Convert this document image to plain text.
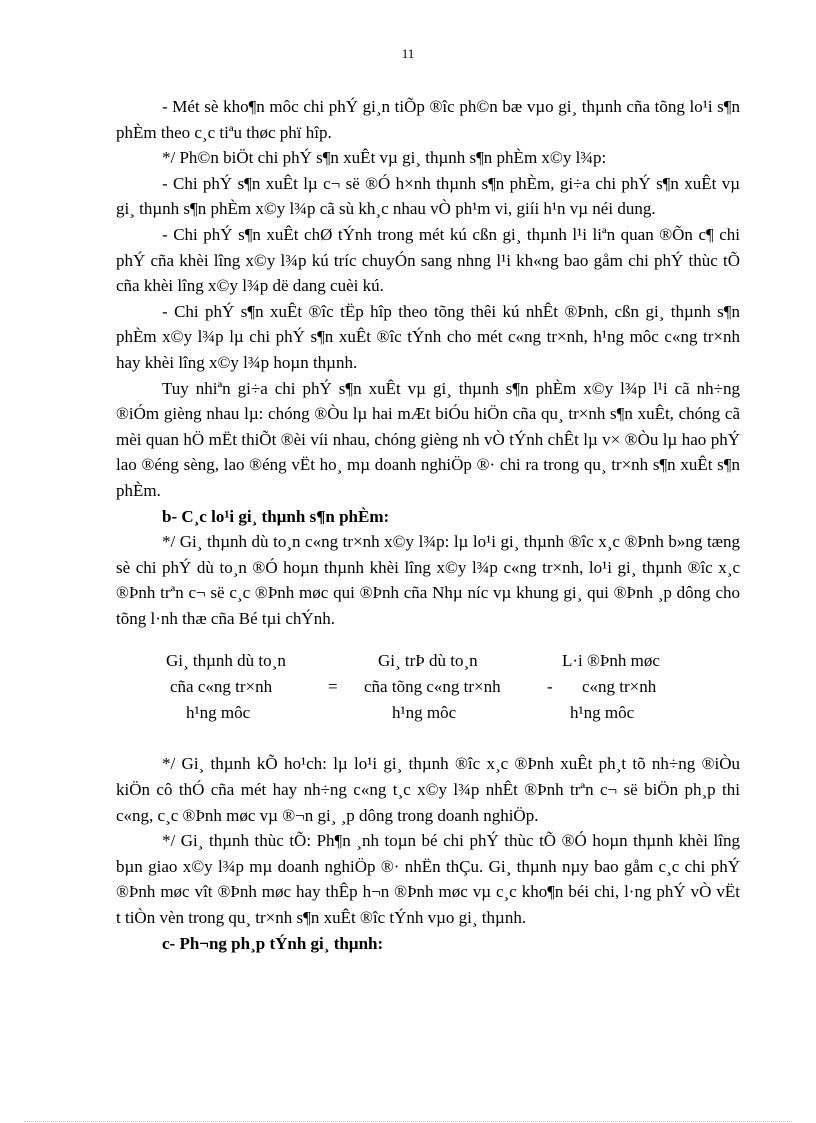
11

- Mét sè kho¶n môc chi phÝ gi¸n tiÕp ®îc ph©n bæ vµo gi¸ thµnh cña tõng lo¹i s¶n phÈm theo c¸c tiªu thøc phï hîp.

*/ Ph©n biÖt chi phÝ s¶n xuÊt vµ gi¸ thµnh s¶n phÈm x©y l¾p:

- Chi phÝ s¶n xuÊt lµ c¬ së ®Ó h×nh thµnh s¶n phÈm, gi÷a chi phÝ s¶n xuÊt vµ gi¸ thµnh s¶n phÈm x©y l¾p cã sù kh¸c nhau vÒ ph¹m vi, giíi h¹n vµ néi dung.

- Chi phÝ s¶n xuÊt chØ tÝnh trong mét kú cßn gi¸ thµnh l¹i liªn quan ®Õn c¶ chi phÝ cña khèi lîng x©y l¾p kú tríc chuyÓn sang nhng l¹i kh«ng bao gåm chi phÝ thùc tÕ cña khèi lîng x©y l¾p dë dang cuèi kú.

- Chi phÝ s¶n xuÊt ®îc tËp hîp theo tõng thêi kú nhÊt ®Þnh, cßn gi¸ thµnh s¶n phÈm x©y l¾p lµ chi phÝ s¶n xuÊt ®îc tÝnh cho mét c«ng tr×nh, h¹ng môc c«ng tr×nh hay khèi lîng x©y l¾p hoµn thµnh.

Tuy nhiªn gi÷a chi phÝ s¶n xuÊt vµ gi¸ thµnh s¶n phÈm x©y l¾p l¹i cã nh÷ng ®iÓm gièng nhau lµ: chóng ®Òu lµ hai mÆt biÓu hiÖn cña qu¸ tr×nh s¶n xuÊt, chóng cã mèi quan hÖ mËt thiÕt ®èi víi nhau, chóng gièng nh vÒ tÝnh chÊt lµ v× ®Òu lµ hao phÝ lao ®éng sèng, lao ®éng vËt ho¸ mµ doanh nghiÖp ®· chi ra trong qu¸ tr×nh s¶n xuÊt s¶n phÈm.

b- C¸c lo¹i gi¸ thµnh s¶n phÈm:

*/ Gi¸ thµnh dù to¸n c«ng tr×nh x©y l¾p: lµ lo¹i gi¸ thµnh ®îc x¸c ®Þnh b»ng tæng sè chi phÝ dù to¸n ®Ó hoµn thµnh khèi lîng x©y l¾p c«ng tr×nh, lo¹i gi¸ thµnh ®îc x¸c ®Þnh trªn c¬ së c¸c ®Þnh møc qui ®Þnh cña Nhµ níc vµ khung gi¸ qui ®Þnh ¸p dông cho tõng l·nh thæ cña Bé tµi chÝnh.

Gi¸ thµnh dù to¸n
cña c«ng tr×nh
h¹ng môc
=
Gi¸ trÞ dù to¸n
cña tõng c«ng tr×nh
h¹ng môc
-
L·i ®Þnh møc
c«ng tr×nh
h¹ng môc

*/ Gi¸ thµnh kÕ ho¹ch: lµ lo¹i gi¸ thµnh ®îc x¸c ®Þnh xuÊt ph¸t tõ nh÷ng ®iÒu kiÖn cô thÓ cña mét hay nh÷ng c«ng t¸c x©y l¾p nhÊt ®Þnh trªn c¬ së biÖn ph¸p thi c«ng, c¸c ®Þnh møc vµ ®¬n gi¸ ¸p dông trong doanh nghiÖp.

*/ Gi¸ thµnh thùc tÕ: Ph¶n ¸nh toµn bé chi phÝ thùc tÕ ®Ó hoµn thµnh khèi lîng bµn giao x©y l¾p mµ doanh nghiÖp ®· nhËn thÇu. Gi¸ thµnh nµy bao gåm c¸c chi phÝ ®Þnh møc vît ®Þnh møc hay thÊp h¬n ®Þnh møc vµ c¸c kho¶n béi chi, l·ng phÝ vÒ vËt t tiÒn vèn trong qu¸ tr×nh s¶n xuÊt ®îc tÝnh vµo gi¸ thµnh.

c- Ph¬ng ph¸p tÝnh gi¸ thµnh:
